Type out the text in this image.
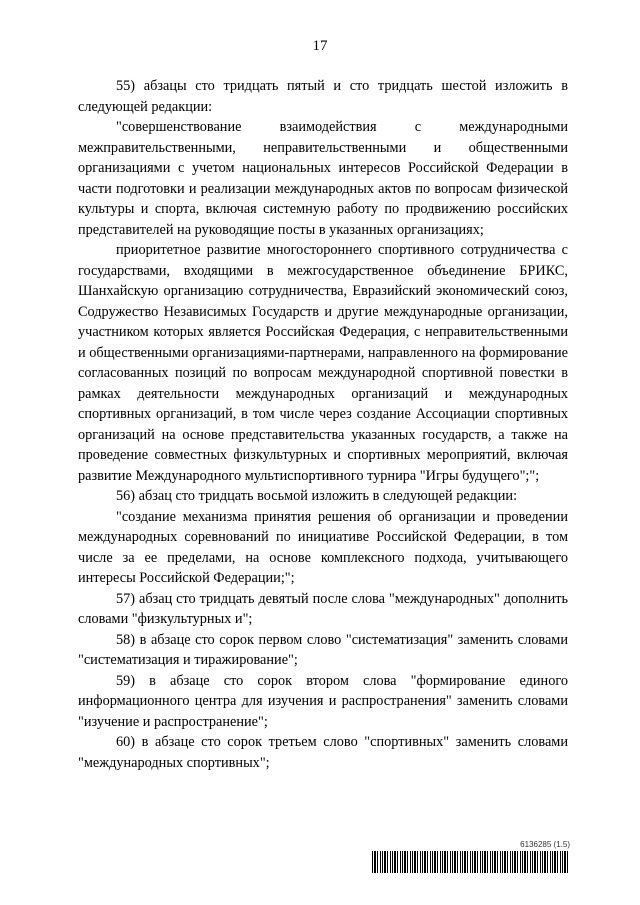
17

55) абзацы сто тридцать пятый и сто тридцать шестой изложить в следующей редакции:

"совершенствование взаимодействия с международными межправительственными, неправительственными и общественными организациями с учетом национальных интересов Российской Федерации в части подготовки и реализации международных актов по вопросам физической культуры и спорта, включая системную работу по продвижению российских представителей на руководящие посты в указанных организациях;

приоритетное развитие многостороннего спортивного сотрудничества с государствами, входящими в межгосударственное объединение БРИКС, Шанхайскую организацию сотрудничества, Евразийский экономический союз, Содружество Независимых Государств и другие международные организации, участником которых является Российская Федерация, с неправительственными и общественными организациями-партнерами, направленного на формирование согласованных позиций по вопросам международной спортивной повестки в рамках деятельности международных организаций и международных спортивных организаций, в том числе через создание Ассоциации спортивных организаций на основе представительства указанных государств, а также на проведение совместных физкультурных и спортивных мероприятий, включая развитие Международного мультиспортивного турнира "Игры будущего";";

56) абзац сто тридцать восьмой изложить в следующей редакции:

"создание механизма принятия решения об организации и проведении международных соревнований по инициативе Российской Федерации, в том числе за ее пределами, на основе комплексного подхода, учитывающего интересы Российской Федерации;";

57) абзац сто тридцать девятый после слова "международных" дополнить словами "физкультурных и";

58) в абзаце сто сорок первом слово "систематизация" заменить словами "систематизация и тиражирование";

59) в абзаце сто сорок втором слова "формирование единого информационного центра для изучения и распространения" заменить словами "изучение и распространение";

60) в абзаце сто сорок третьем слово "спортивных" заменить словами "международных спортивных";

6136285 (1.5)
